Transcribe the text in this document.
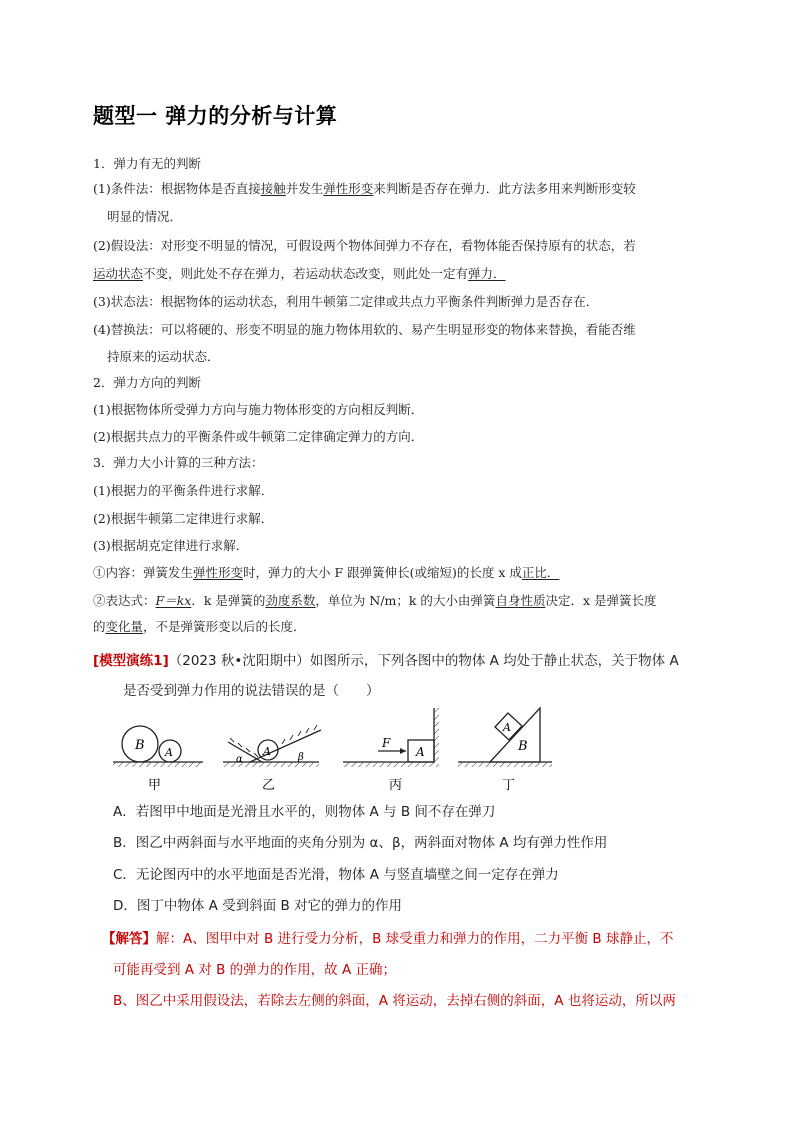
题型一 弹力的分析与计算
1．弹力有无的判断
(1)条件法：根据物体是否直接接触并发生弹性形变来判断是否存在弹力．此方法多用来判断形变较
明显的情况．
(2)假设法：对形变不明显的情况，可假设两个物体间弹力不存在，看物体能否保持原有的状态，若
运动状态不变，则此处不存在弹力，若运动状态改变，则此处一定有弹力．
(3)状态法：根据物体的运动状态，利用牛顿第二定律或共点力平衡条件判断弹力是否存在．
(4)替换法：可以将硬的、形变不明显的施力物体用软的、易产生明显形变的物体来替换，看能否维
持原来的运动状态．
2．弹力方向的判断
(1)根据物体所受弹力方向与施力物体形变的方向相反判断．
(2)根据共点力的平衡条件或牛顿第二定律确定弹力的方向．
3．弹力大小计算的三种方法：
(1)根据力的平衡条件进行求解．
(2)根据牛顿第二定律进行求解．
(3)根据胡克定律进行求解．
①内容：弹簧发生弹性形变时，弹力的大小 F 跟弹簧伸长(或缩短)的长度 x 成正比．
②表达式：F＝kx．k 是弹簧的劲度系数，单位为 N/m；k 的大小由弹簧自身性质决定．x 是弹簧长度
的变化量，不是弹簧形变以后的长度．
[模型演练1]（2023 秋•沈阳期中）如图所示，下列各图中的物体 A 均处于静止状态，关于物体 A
是否受到弹力作用的说法错误的是（　　）
B A
甲
A
α	β
乙
A
F
丙
A
B
丁
A．若图甲中地面是光滑且水平的，则物体 A 与 B 间不存在弹刀
B．图乙中两斜面与水平地面的夹角分别为 α、β，两斜面对物体 A 均有弹力性作用
C．无论图丙中的水平地面是否光滑，物体 A 与竖直墙壁之间一定存在弹力
D．图丁中物体 A 受到斜面 B 对它的弹力的作用
【解答】解：A、图甲中对 B 进行受力分析，B 球受重力和弹力的作用，二力平衡 B 球静止，不
可能再受到 A 对 B 的弹力的作用，故 A 正确；
B、图乙中采用假设法，若除去左侧的斜面，A 将运动，去掉右侧的斜面，A 也将运动，所以两
